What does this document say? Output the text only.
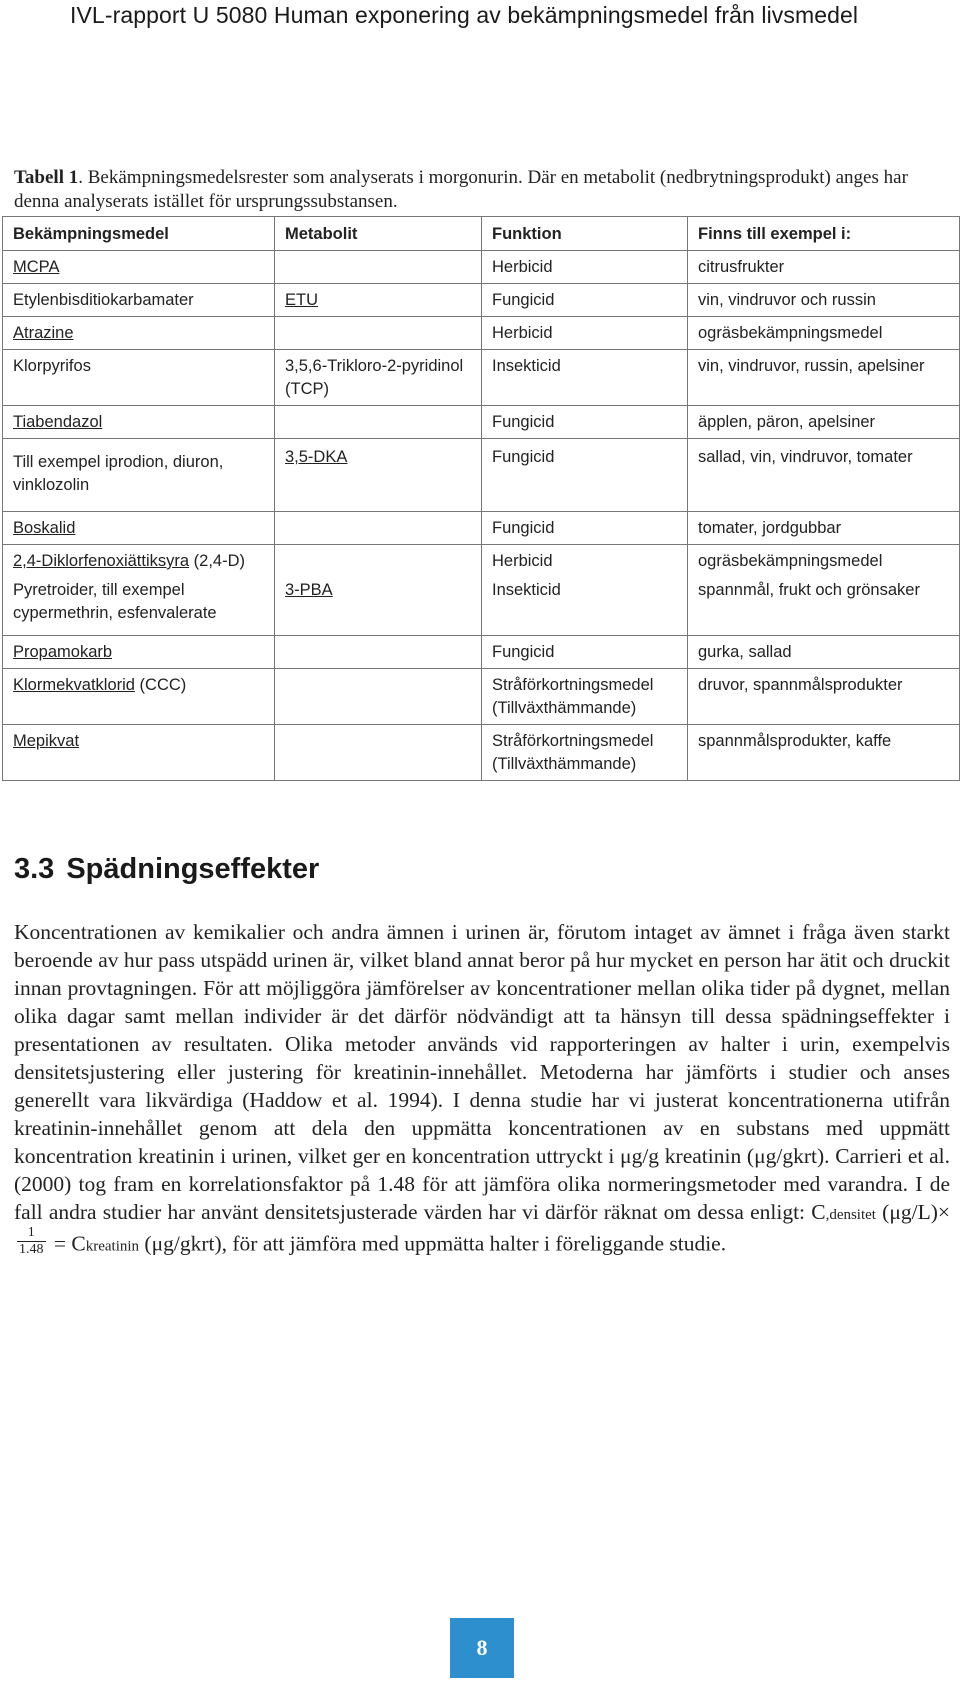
IVL-rapport U 5080 Human exponering av bekämpningsmedel från livsmedel
Tabell 1. Bekämpningsmedelsrester som analyserats i morgonurin. Där en metabolit (nedbrytningsprodukt) anges har denna analyserats istället för ursprungssubstansen.
Bekämpningsmedel	Metabolit	Funktion	Finns till exempel i:
MCPA		Herbicid	citrusfrukter
Etylenbisditiokarbamater	ETU	Fungicid	vin, vindruvor och russin
Atrazine		Herbicid	ogräsbekämpningsmedel
Klorpyrifos	3,5,6-Trikloro-2-pyridinol (TCP)	Insekticid	vin, vindruvor, russin, apelsiner
Tiabendazol		Fungicid	äpplen, päron, apelsiner
Till exempel iprodion, diuron, vinklozolin	3,5-DKA	Fungicid	sallad, vin, vindruvor, tomater
Boskalid		Fungicid	tomater, jordgubbar
2,4-Diklorfenoxiättiksyra (2,4-D)		Herbicid	ogräsbekämpningsmedel
Pyretroider, till exempel cypermethrin, esfenvalerate	3-PBA	Insekticid	spannmål, frukt och grönsaker
Propamokarb		Fungicid	gurka, sallad
Klormekvatklorid (CCC)		Stråförkortningsmedel (Tillväxthämmande)	druvor, spannmålsprodukter
Mepikvat		Stråförkortningsmedel (Tillväxthämmande)	spannmålsprodukter, kaffe
3.3 Spädningseffekter
Koncentrationen av kemikalier och andra ämnen i urinen är, förutom intaget av ämnet i fråga även starkt beroende av hur pass utspädd urinen är, vilket bland annat beror på hur mycket en person har ätit och druckit innan provtagningen. För att möjliggöra jämförelser av koncentrationer mellan olika tider på dygnet, mellan olika dagar samt mellan individer är det därför nödvändigt att ta hänsyn till dessa spädningseffekter i presentationen av resultaten. Olika metoder används vid rapporteringen av halter i urin, exempelvis densitetsjustering eller justering för kreatinin-innehållet. Metoderna har jämförts i studier och anses generellt vara likvärdiga (Haddow et al. 1994). I denna studie har vi justerat koncentrationerna utifrån kreatinin-innehållet genom att dela den uppmätta koncentrationen av en substans med uppmätt koncentration kreatinin i urinen, vilket ger en koncentration uttryckt i μg/g kreatinin (μg/gkrt). Carrieri et al. (2000) tog fram en korrelationsfaktor på 1.48 för att jämföra olika normeringsmetoder med varandra. I de fall andra studier har använt densitetsjusterade värden har vi därför räknat om dessa enligt: C,densitet (μg/L)×
$\frac{1}{1.48}$ = Ckreatinin (μg/gkrt), för att jämföra med uppmätta halter i föreliggande studie.
8
